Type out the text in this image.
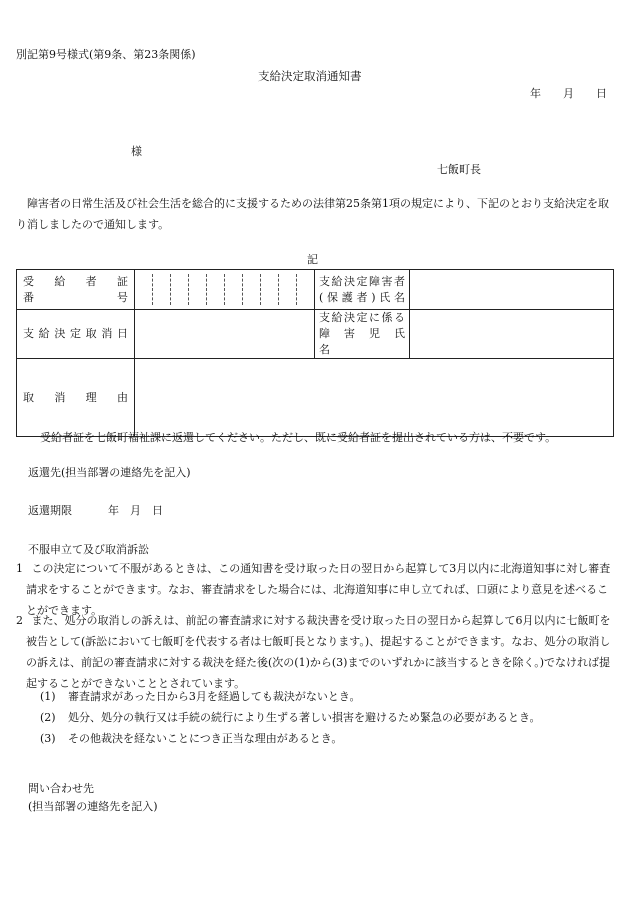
別記第9号様式(第9条、第23条関係)
支給決定取消通知書
年　　月　　日
様
七飯町長
障害者の日常生活及び社会生活を総合的に支援するための法律第25条第1項の規定により、下記のとおり支給決定を取り消しましたので通知します。
記
受　給　者　証
番　　　　　号		支給決定障害者
(保護者)氏名	

支給決定取消日		支給決定に係る
障　害　児　氏　名	

取　消　理　由			

受給者証を七飯町福祉課に返還してください。ただし、既に受給者証を提出されている方は、不要です。
返還先(担当部署の連絡先を記入)
返還期限	年　月　日
不服申立て及び取消訴訟
1 この決定について不服があるときは、この通知書を受け取った日の翌日から起算して3月以内に北海道知事に対し審査請求をすることができます。なお、審査請求をした場合には、北海道知事に申し立てれば、口頭により意見を述べることができます。
2 また、処分の取消しの訴えは、前記の審査請求に対する裁決書を受け取った日の翌日から起算して6月以内に七飯町を被告として(訴訟において七飯町を代表する者は七飯町長となります。)、提起することができます。なお、処分の取消しの訴えは、前記の審査請求に対する裁決を経た後(次の(1)から(3)までのいずれかに該当するときを除く。)でなければ提起することができないこととされています。
(1) 審査請求があった日から3月を経過しても裁決がないとき。
(2) 処分、処分の執行又は手続の続行により生ずる著しい損害を避けるため緊急の必要があるとき。
(3) その他裁決を経ないことにつき正当な理由があるとき。
問い合わせ先
(担当部署の連絡先を記入)
